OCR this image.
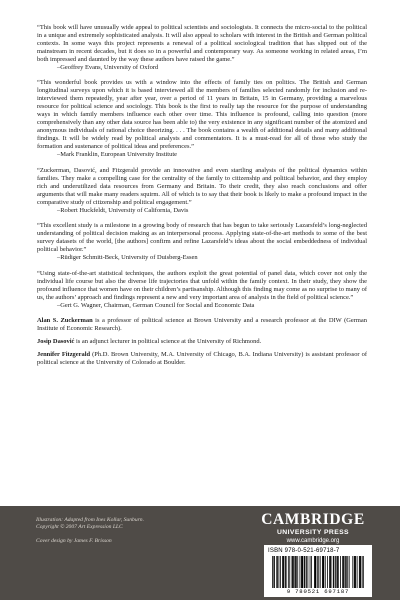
“This book will have unusually wide appeal to political scientists and sociologists. It connects the micro-social to the political in a unique and extremely sophisticated analysis. It will also appeal to scholars with interest in the British and German political contexts. In some ways this project represents a renewal of a political sociological tradition that has slipped out of the mainstream in recent decades, but it does so in a powerful and contemporary way. As someone working in related areas, I’m both impressed and daunted by the way these authors have raised the game.”

–Geoffrey Evans, University of Oxford

“This wonderful book provides us with a window into the effects of family ties on politics. The British and German longitudinal surveys upon which it is based interviewed all the members of families selected randomly for inclusion and re-interviewed them repeatedly, year after year, over a period of 11 years in Britain, 15 in Germany, providing a marvelous resource for political science and sociology. This book is the first to really tap the resource for the purpose of understanding ways in which family members influence each other over time. This influence is profound, calling into question (more comprehensively than any other data source has been able to) the very existence in any significant number of the atomized and anonymous individuals of rational choice theorizing. . . . The book contains a wealth of additional details and many additional findings. It will be widely read by political analysts and commentators. It is a must-read for all of those who study the formation and sustenance of political ideas and preferences.”

–Mark Franklin, European University Institute

“Zuckerman, Dasović, and Fitzgerald provide an innovative and even startling analysis of the political dynamics within families. They make a compelling case for the centrality of the family to citizenship and political behavior, and they employ rich and underutilized data resources from Germany and Britain. To their credit, they also reach conclusions and offer arguments that will make many readers squirm. All of which is to say that their book is likely to make a profound impact in the comparative study of citizenship and political engagement.”

–Robert Huckfeldt, University of California, Davis

“This excellent study is a milestone in a growing body of research that has begun to take seriously Lazarsfeld’s long-neglected understanding of political decision making as an interpersonal process. Applying state-of-the-art methods to some of the best survey datasets of the world, [the authors] confirm and refine Lazarsfeld’s ideas about the social embeddedness of individual political behavior.”

–Rüdiger Schmitt-Beck, University of Duisberg-Essen

“Using state-of-the-art statistical techniques, the authors exploit the great potential of panel data, which cover not only the individual life course but also the diverse life trajectories that unfold within the family context. In their study, they show the profound influence that women have on their children’s partisanship. Although this finding may come as no surprise to many of us, the authors’ approach and findings represent a new and very important area of analysis in the field of political science.”

–Gert G. Wagner, Chairman, German Council for Social and Economic Data

Alan S. Zuckerman is a professor of political science at Brown University and a research professor at the DIW (German Institute of Economic Research).

Josip Dasović is an adjunct lecturer in political science at the University of Richmond.

Jennifer Fitzgerald (Ph.D. Brown University, M.A. University of Chicago, B.A. Indiana University) is assistant professor of political science at the University of Colorado at Boulder.

Illustration: Adapted from Ines Kollar, Sunburn.
Copyright © 2007 Art Expression LLC
Cover design by James F. Brisson
CAMBRIDGE
UNIVERSITY PRESS
www.cambridge.org
ISBN 978-0-521-69718-7
9 780521 697187
